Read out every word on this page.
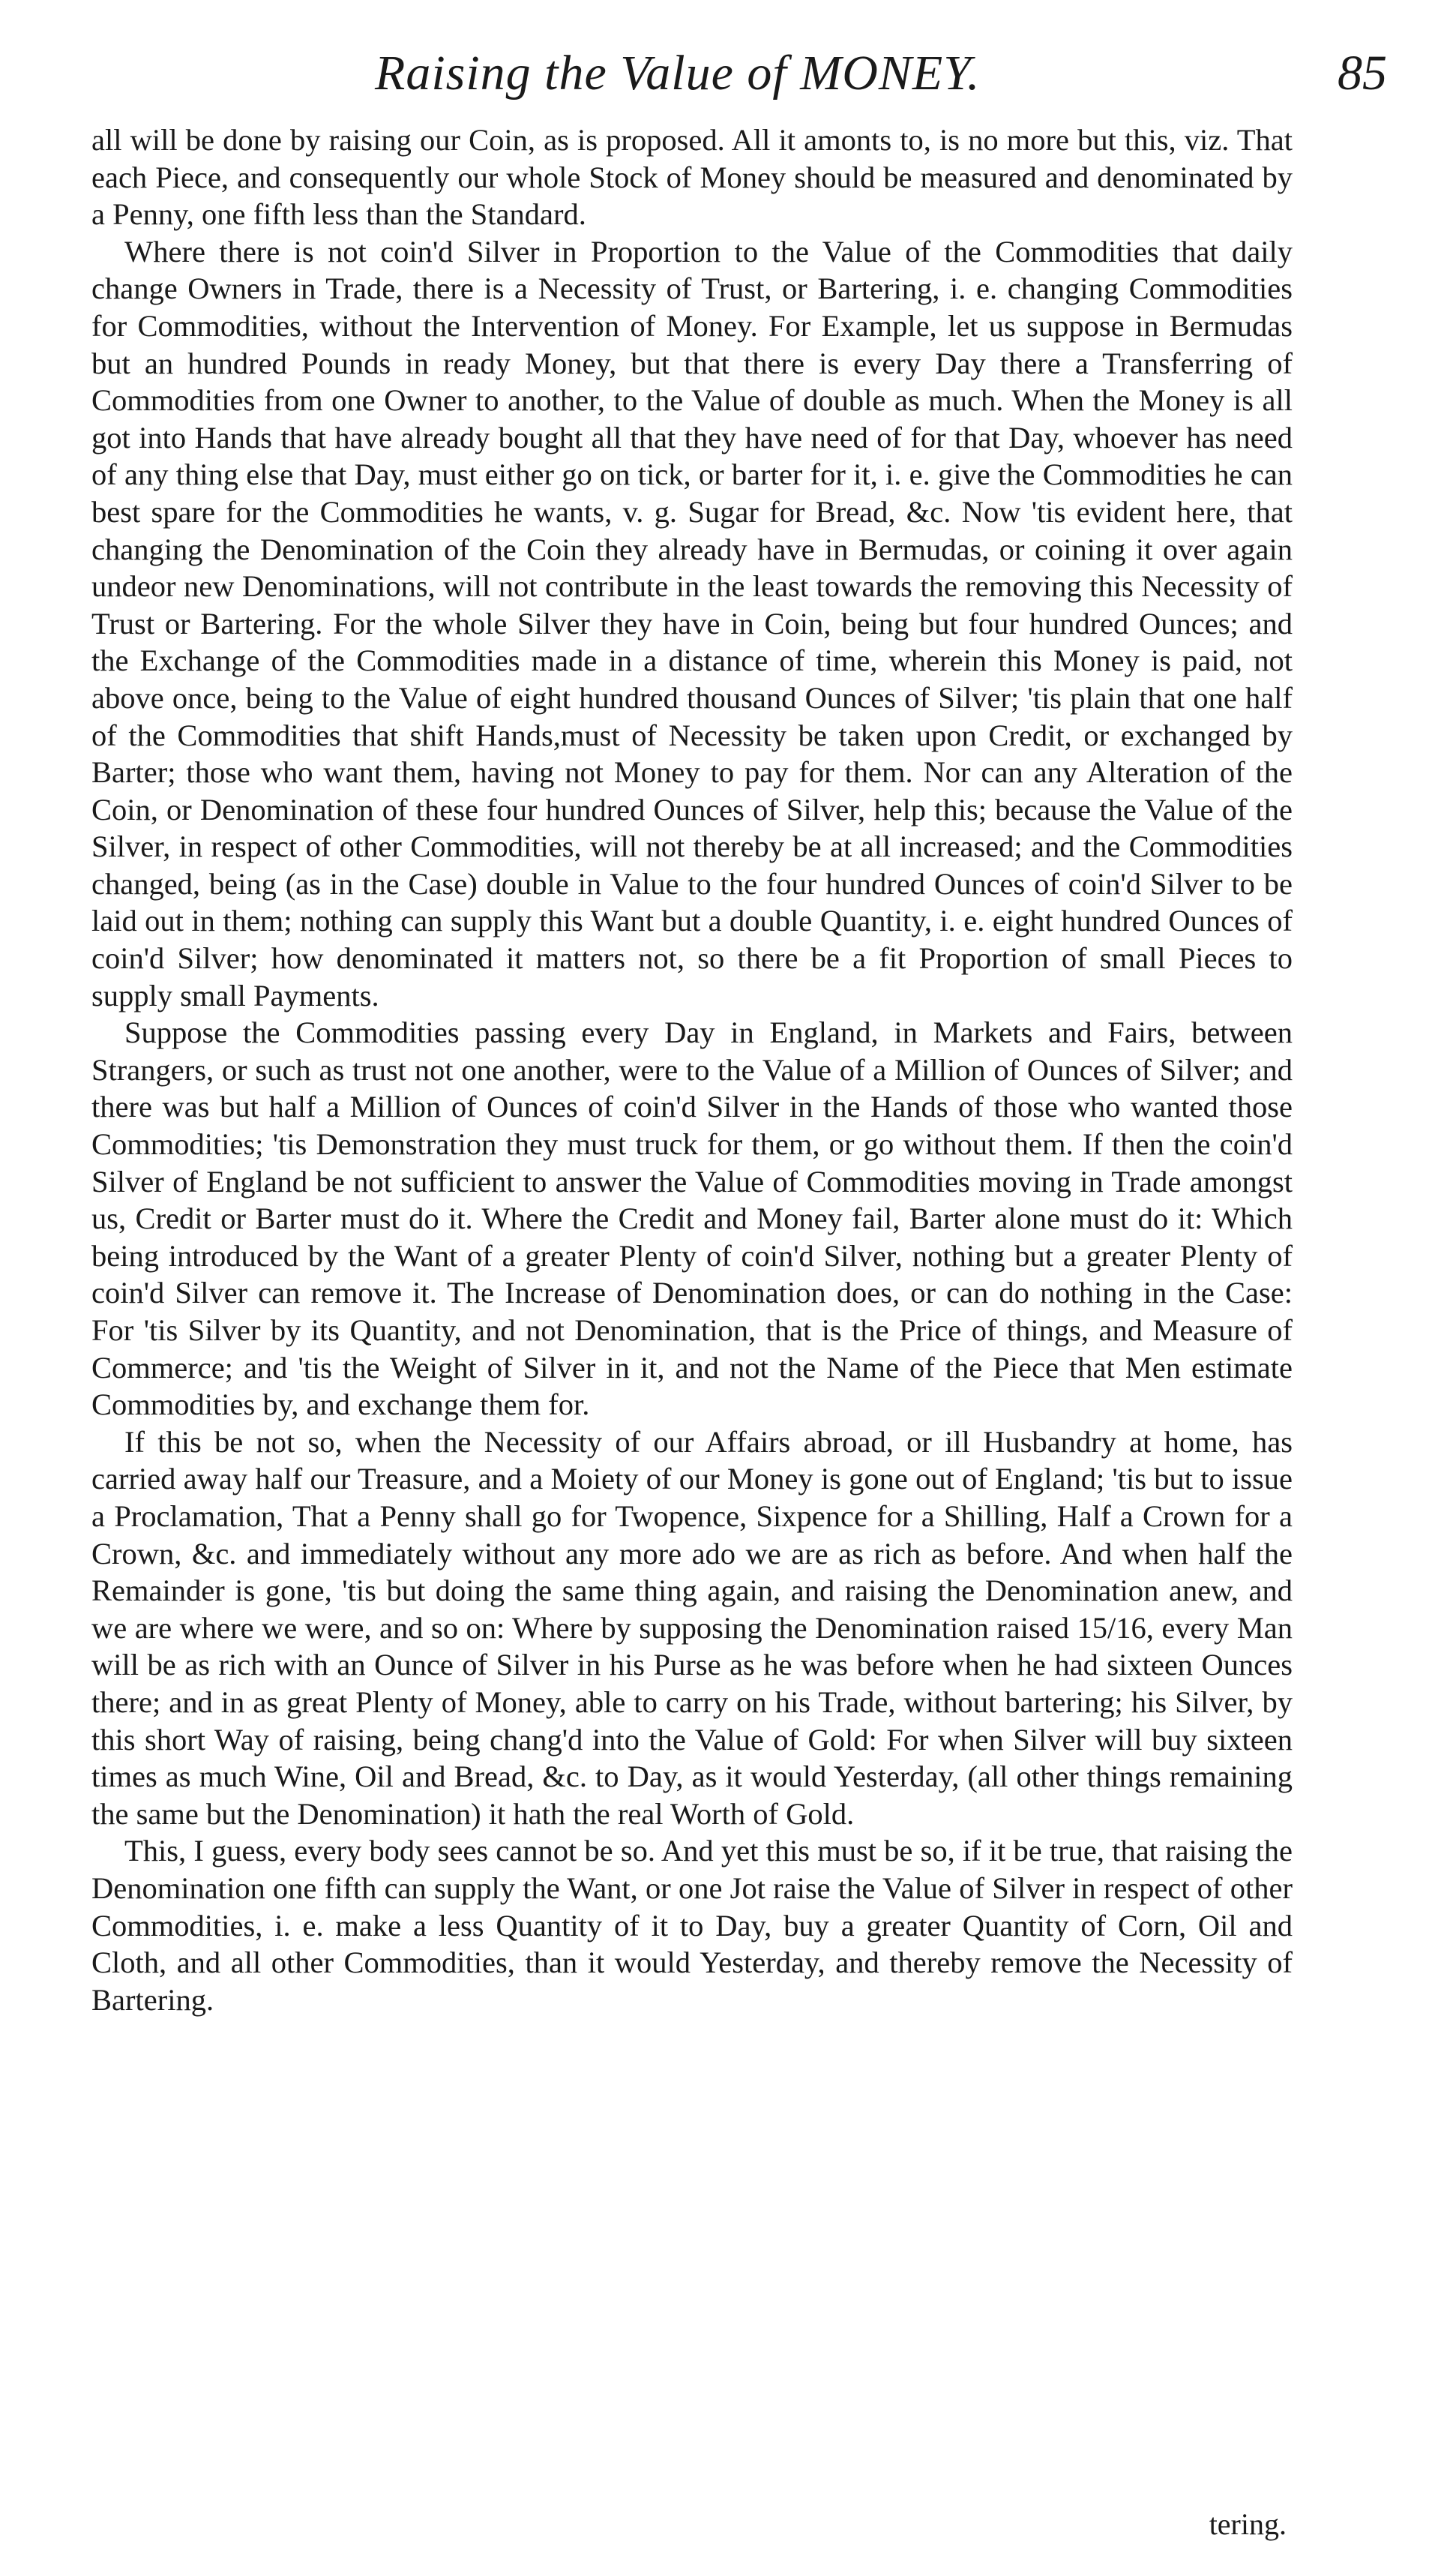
Raising the Value of MONEY.	85

all will be done by raising our Coin, as is proposed. All it amonts to, is no more but this, viz. That each Piece, and consequently our whole Stock of Money should be measured and denominated by a Penny, one fifth less than the Standard.

Where there is not coin'd Silver in Proportion to the Value of the Commodities that daily change Owners in Trade, there is a Necessity of Trust, or Bartering, i. e. changing Commodities for Commodities, without the Intervention of Money. For Example, let us suppose in Bermudas but an hundred Pounds in ready Money, but that there is every Day there a Transferring of Commodities from one Owner to another, to the Value of double as much. When the Money is all got into Hands that have already bought all that they have need of for that Day, whoever has need of any thing else that Day, must either go on tick, or barter for it, i. e. give the Commodities he can best spare for the Commodities he wants, v. g. Sugar for Bread, &c. Now 'tis evident here, that changing the Denomination of the Coin they already have in Bermudas, or coining it over again undeor new Denominations, will not contribute in the least towards the removing this Necessity of Trust or Bartering. For the whole Silver they have in Coin, being but four hundred Ounces; and the Exchange of the Commodities made in a distance of time, wherein this Money is paid, not above once, being to the Value of eight hundred thousand Ounces of Silver; 'tis plain that one half of the Commodities that shift Hands,must of Necessity be taken upon Credit, or exchanged by Barter; those who want them, having not Money to pay for them. Nor can any Alteration of the Coin, or Denomination of these four hundred Ounces of Silver, help this; because the Value of the Silver, in respect of other Commodities, will not thereby be at all increased; and the Commodities changed, being (as in the Case) double in Value to the four hundred Ounces of coin'd Silver to be laid out in them; nothing can supply this Want but a double Quantity, i. e. eight hundred Ounces of coin'd Silver; how denominated it matters not, so there be a fit Proportion of small Pieces to supply small Payments.

Suppose the Commodities passing every Day in England, in Markets and Fairs, between Strangers, or such as trust not one another, were to the Value of a Million of Ounces of Silver; and there was but half a Million of Ounces of coin'd Silver in the Hands of those who wanted those Commodities; 'tis Demonstration they must truck for them, or go without them. If then the coin'd Silver of England be not sufficient to answer the Value of Commodities moving in Trade amongst us, Credit or Barter must do it. Where the Credit and Money fail, Barter alone must do it: Which being introduced by the Want of a greater Plenty of coin'd Silver, nothing but a greater Plenty of coin'd Silver can remove it. The Increase of Denomination does, or can do nothing in the Case: For 'tis Silver by its Quantity, and not Denomination, that is the Price of things, and Measure of Commerce; and 'tis the Weight of Silver in it, and not the Name of the Piece that Men estimate Commodities by, and exchange them for.

If this be not so, when the Necessity of our Affairs abroad, or ill Husbandry at home, has carried away half our Treasure, and a Moiety of our Money is gone out of England; 'tis but to issue a Proclamation, That a Penny shall go for Twopence, Sixpence for a Shilling, Half a Crown for a Crown, &c. and immediately without any more ado we are as rich as before. And when half the Remainder is gone, 'tis but doing the same thing again, and raising the Denomination anew, and we are where we were, and so on: Where by supposing the Denomination raised 15/16, every Man will be as rich with an Ounce of Silver in his Purse as he was before when he had sixteen Ounces there; and in as great Plenty of Money, able to carry on his Trade, without bartering; his Silver, by this short Way of raising, being chang'd into the Value of Gold: For when Silver will buy sixteen times as much Wine, Oil and Bread, &c. to Day, as it would Yesterday, (all other things remaining the same but the Denomination) it hath the real Worth of Gold.

This, I guess, every body sees cannot be so. And yet this must be so, if it be true, that raising the Denomination one fifth can supply the Want, or one Jot raise the Value of Silver in respect of other Commodities, i. e. make a less Quantity of it to Day, buy a greater Quantity of Corn, Oil and Cloth, and all other Commodities, than it would Yesterday, and thereby remove the Necessity of Bartering.

tering.
